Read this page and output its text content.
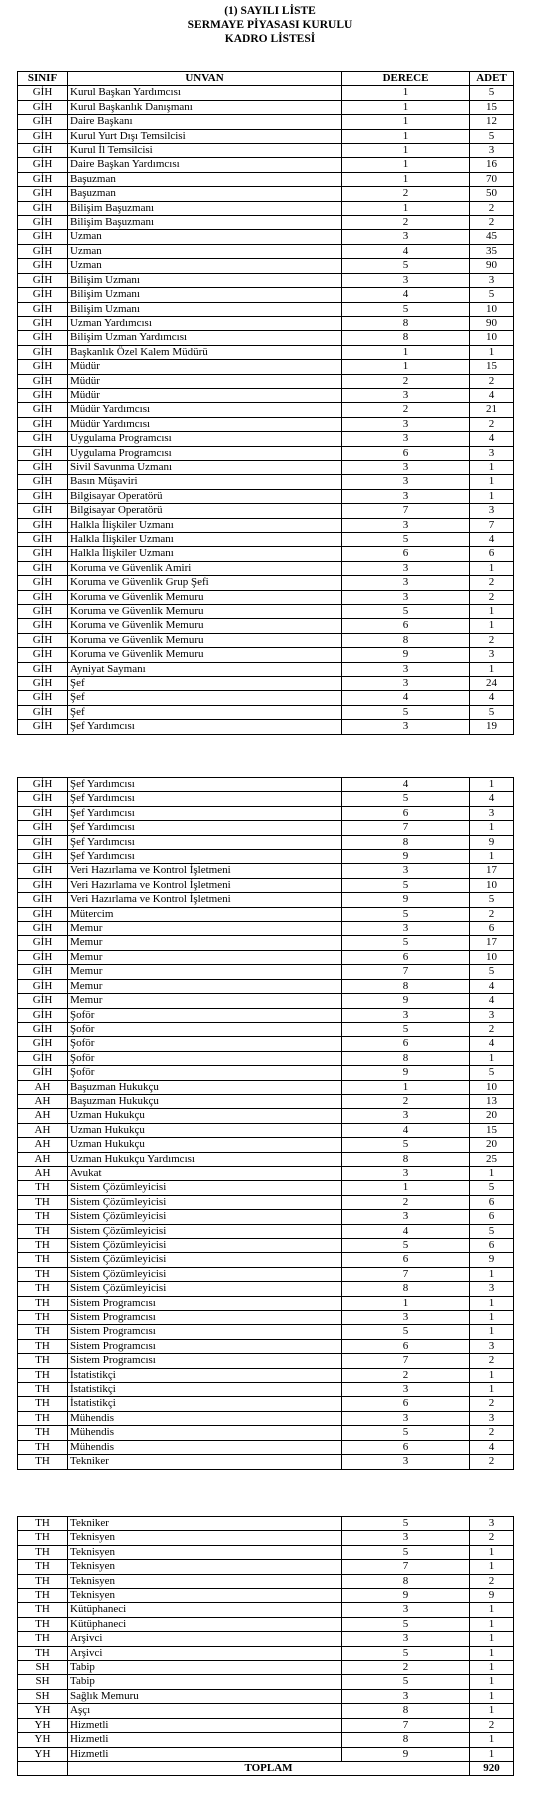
(1) SAYILI LİSTE
SERMAYE PİYASASI KURULU
KADRO LİSTESİ
SINIF	UNVAN	DERECE	ADET
GİH	Kurul Başkan Yardımcısı	1	5
GİH	Kurul Başkanlık Danışmanı	1	15
GİH	Daire Başkanı	1	12
GİH	Kurul Yurt Dışı Temsilcisi	1	5
GİH	Kurul İl Temsilcisi	1	3
GİH	Daire Başkan Yardımcısı	1	16
GİH	Başuzman	1	70
GİH	Başuzman	2	50
GİH	Bilişim Başuzmanı	1	2
GİH	Bilişim Başuzmanı	2	2
GİH	Uzman	3	45
GİH	Uzman	4	35
GİH	Uzman	5	90
GİH	Bilişim Uzmanı	3	3
GİH	Bilişim Uzmanı	4	5
GİH	Bilişim Uzmanı	5	10
GİH	Uzman Yardımcısı	8	90
GİH	Bilişim Uzman Yardımcısı	8	10
GİH	Başkanlık Özel Kalem Müdürü	1	1
GİH	Müdür	1	15
GİH	Müdür	2	2
GİH	Müdür	3	4
GİH	Müdür Yardımcısı	2	21
GİH	Müdür Yardımcısı	3	2
GİH	Uygulama Programcısı	3	4
GİH	Uygulama Programcısı	6	3
GİH	Sivil Savunma Uzmanı	3	1
GİH	Basın Müşaviri	3	1
GİH	Bilgisayar Operatörü	3	1
GİH	Bilgisayar Operatörü	7	3
GİH	Halkla İlişkiler Uzmanı	3	7
GİH	Halkla İlişkiler Uzmanı	5	4
GİH	Halkla İlişkiler Uzmanı	6	6
GİH	Koruma ve Güvenlik Amiri	3	1
GİH	Koruma ve Güvenlik Grup Şefi	3	2
GİH	Koruma ve Güvenlik Memuru	3	2
GİH	Koruma ve Güvenlik Memuru	5	1
GİH	Koruma ve Güvenlik Memuru	6	1
GİH	Koruma ve Güvenlik Memuru	8	2
GİH	Koruma ve Güvenlik Memuru	9	3
GİH	Ayniyat Saymanı	3	1
GİH	Şef	3	24
GİH	Şef	4	4
GİH	Şef	5	5
GİH	Şef Yardımcısı	3	19
GİH	Şef Yardımcısı	4	1
GİH	Şef Yardımcısı	5	4
GİH	Şef Yardımcısı	6	3
GİH	Şef Yardımcısı	7	1
GİH	Şef Yardımcısı	8	9
GİH	Şef Yardımcısı	9	1
GİH	Veri Hazırlama ve Kontrol İşletmeni	3	17
GİH	Veri Hazırlama ve Kontrol İşletmeni	5	10
GİH	Veri Hazırlama ve Kontrol İşletmeni	9	5
GİH	Mütercim	5	2
GİH	Memur	3	6
GİH	Memur	5	17
GİH	Memur	6	10
GİH	Memur	7	5
GİH	Memur	8	4
GİH	Memur	9	4
GİH	Şoför	3	3
GİH	Şoför	5	2
GİH	Şoför	6	4
GİH	Şoför	8	1
GİH	Şoför	9	5
AH	Başuzman Hukukçu	1	10
AH	Başuzman Hukukçu	2	13
AH	Uzman Hukukçu	3	20
AH	Uzman Hukukçu	4	15
AH	Uzman Hukukçu	5	20
AH	Uzman Hukukçu Yardımcısı	8	25
AH	Avukat	3	1
TH	Sistem Çözümleyicisi	1	5
TH	Sistem Çözümleyicisi	2	6
TH	Sistem Çözümleyicisi	3	6
TH	Sistem Çözümleyicisi	4	5
TH	Sistem Çözümleyicisi	5	6
TH	Sistem Çözümleyicisi	6	9
TH	Sistem Çözümleyicisi	7	1
TH	Sistem Çözümleyicisi	8	3
TH	Sistem Programcısı	1	1
TH	Sistem Programcısı	3	1
TH	Sistem Programcısı	5	1
TH	Sistem Programcısı	6	3
TH	Sistem Programcısı	7	2
TH	İstatistikçi	2	1
TH	İstatistikçi	3	1
TH	İstatistikçi	6	2
TH	Mühendis	3	3
TH	Mühendis	5	2
TH	Mühendis	6	4
TH	Tekniker	3	2
TH	Tekniker	5	3
TH	Teknisyen	3	2
TH	Teknisyen	5	1
TH	Teknisyen	7	1
TH	Teknisyen	8	2
TH	Teknisyen	9	9
TH	Kütüphaneci	3	1
TH	Kütüphaneci	5	1
TH	Arşivci	3	1
TH	Arşivci	5	1
SH	Tabip	2	1
SH	Tabip	5	1
SH	Sağlık Memuru	3	1
YH	Aşçı	8	1
YH	Hizmetli	7	2
YH	Hizmetli	8	1
YH	Hizmetli	9	1
	TOPLAM		920
